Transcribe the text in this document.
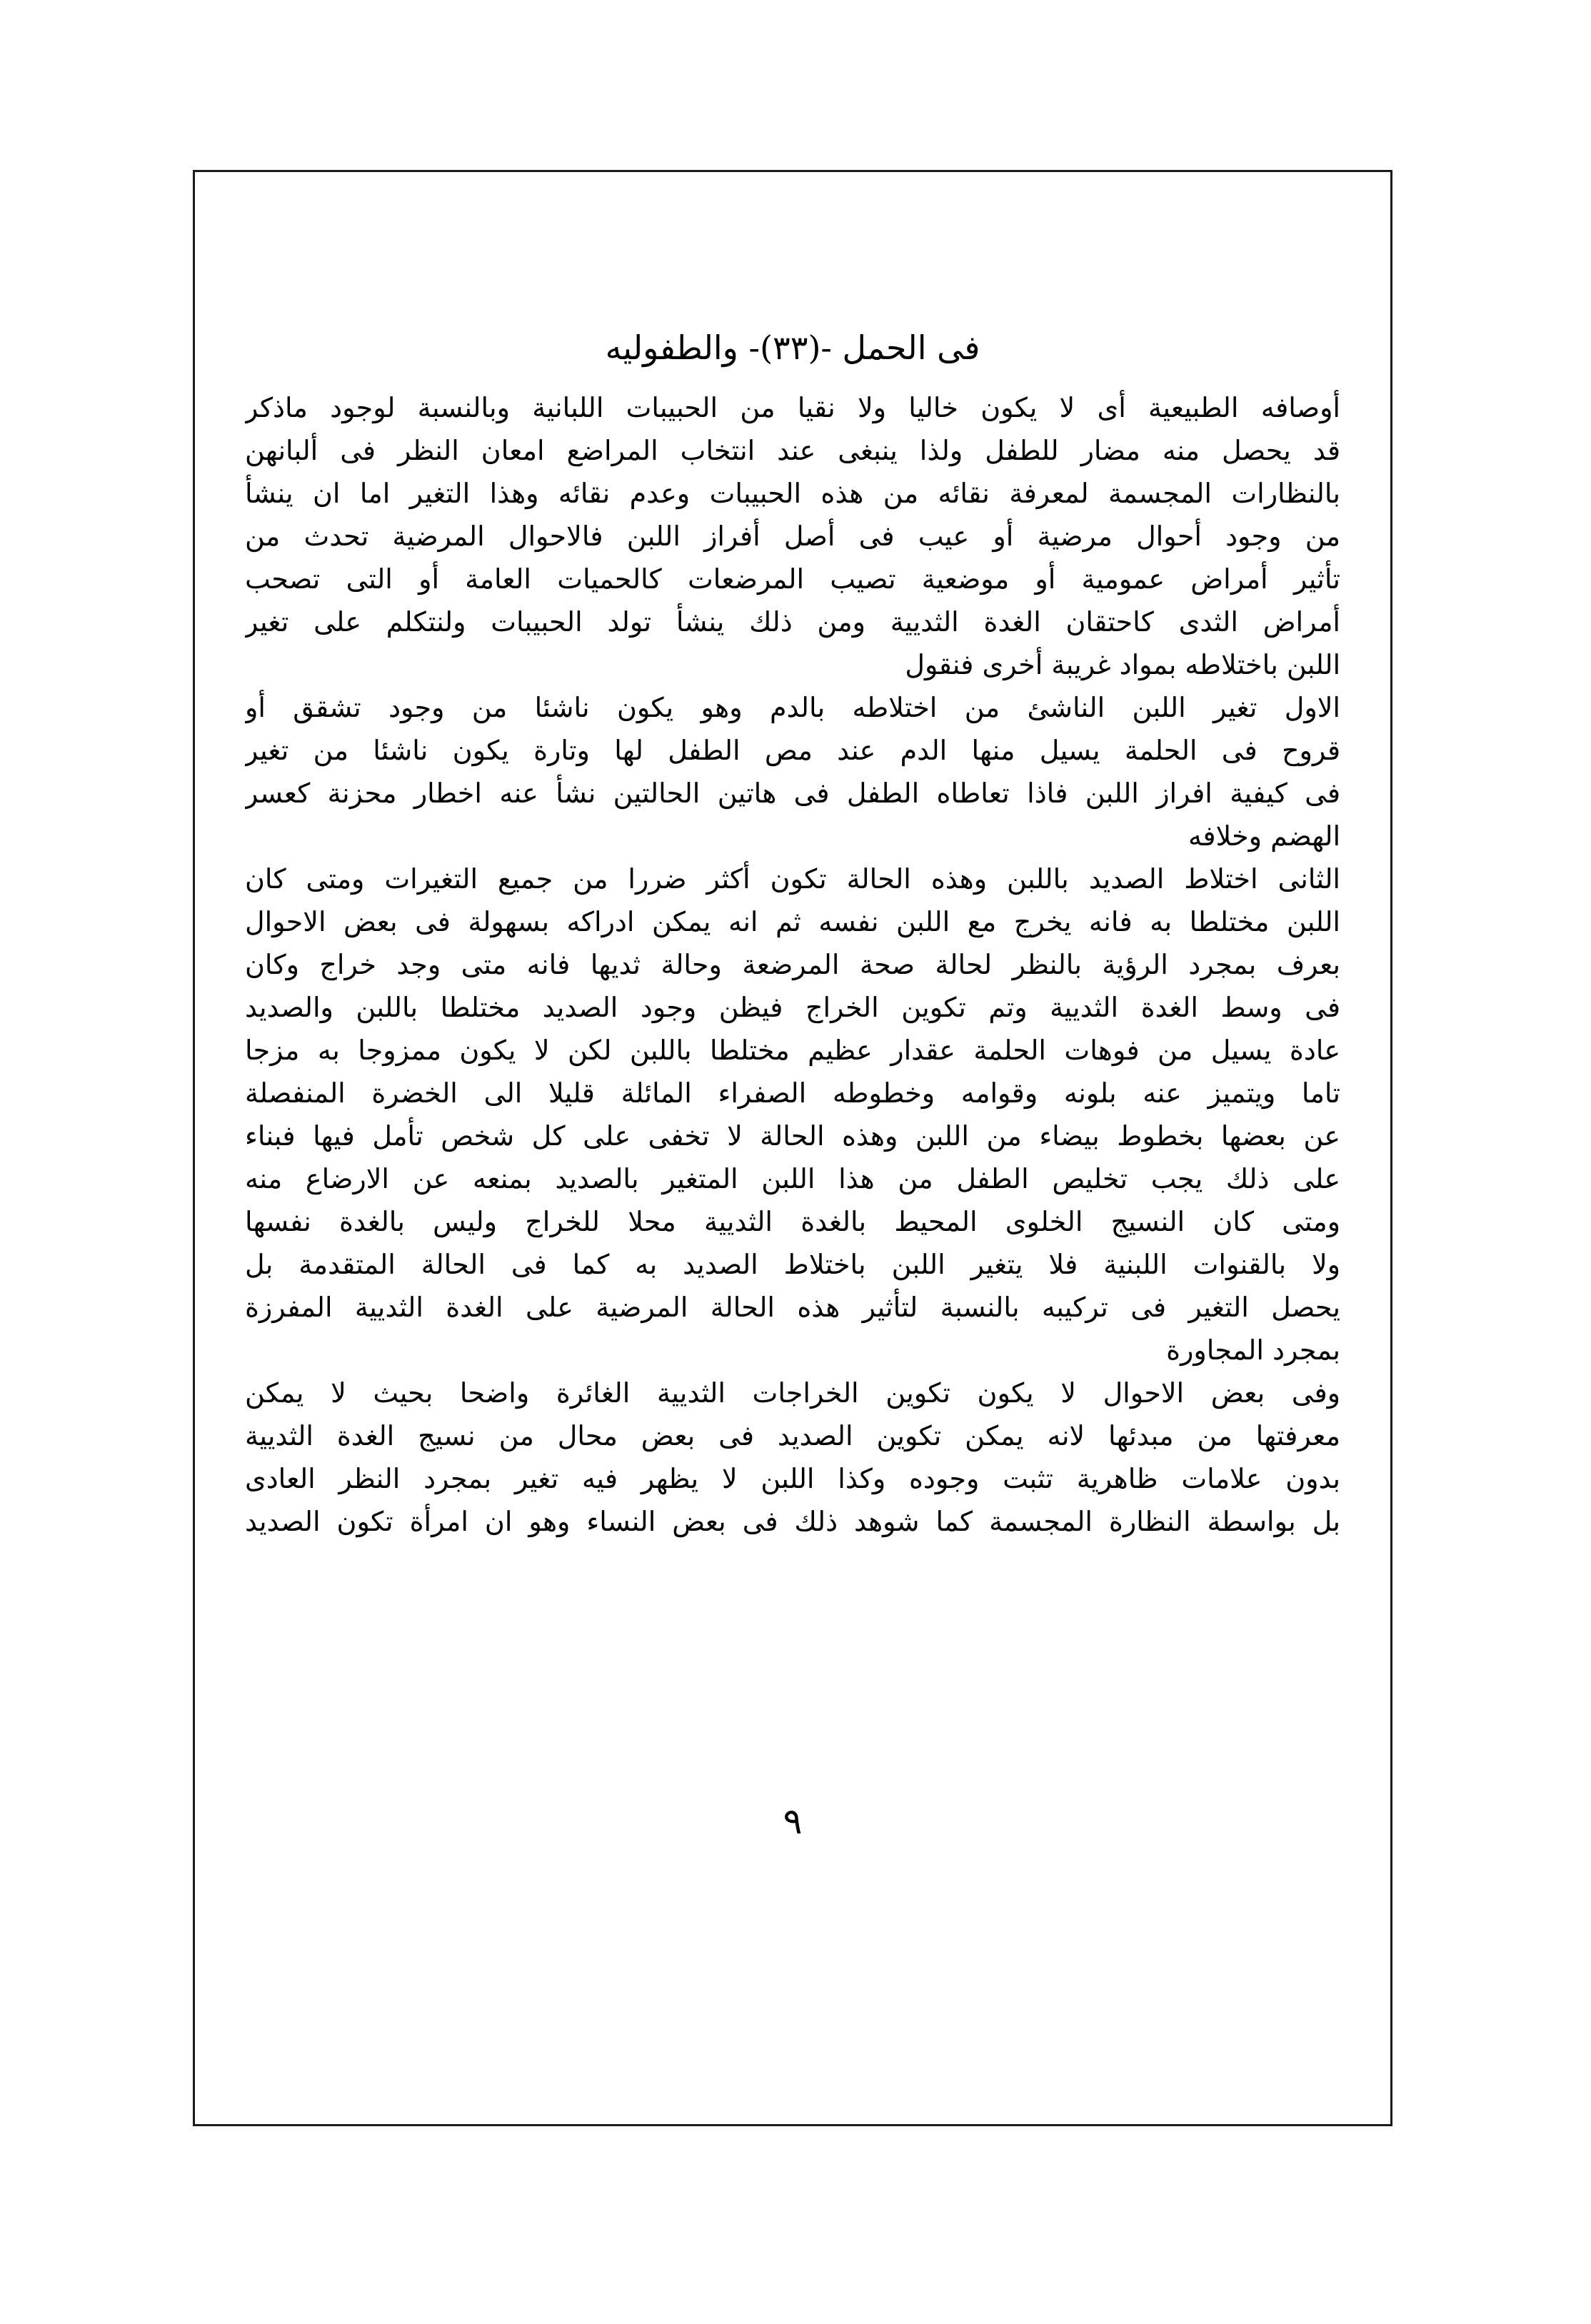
فى الحمل -(٣٣)- والطفوليه
أوصافه الطبيعية أى لا يكون خاليا ولا نقيا من الحبيبات اللبانية وبالنسبة لوجود ماذكر
قد يحصل منه مضار للطفل ولذا ينبغى عند انتخاب المراضع امعان النظر فى ألبانهن
بالنظارات المجسمة لمعرفة نقائه من هذه الحبيبات وعدم نقائه وهذا التغير اما ان ينشأ
من وجود أحوال مرضية أو عيب فى أصل أفراز اللبن فالاحوال المرضية تحدث من
تأثير أمراض عمومية أو موضعية تصيب المرضعات كالحميات العامة أو التى تصحب
أمراض الثدى كاحتقان الغدة الثديية ومن ذلك ينشأ تولد الحبيبات ولنتكلم على تغير
اللبن باختلاطه بمواد غريبة أخرى فنقول
الاول تغير اللبن الناشئ من اختلاطه بالدم وهو يكون ناشئا من وجود تشقق أو
قروح فى الحلمة يسيل منها الدم عند مص الطفل لها وتارة يكون ناشئا من تغير
فى كيفية افراز اللبن فاذا تعاطاه الطفل فى هاتين الحالتين نشأ عنه اخطار محزنة كعسر
الهضم وخلافه
الثانى اختلاط الصديد باللبن وهذه الحالة تكون أكثر ضررا من جميع التغيرات ومتى كان
اللبن مختلطا به فانه يخرج مع اللبن نفسه ثم انه يمكن ادراكه بسهولة فى بعض الاحوال
بعرف بمجرد الرؤية بالنظر لحالة صحة المرضعة وحالة ثديها فانه متى وجد خراج وكان
فى وسط الغدة الثديية وتم تكوين الخراج فيظن وجود الصديد مختلطا باللبن والصديد
عادة يسيل من فوهات الحلمة عقدار عظيم مختلطا باللبن لكن لا يكون ممزوجا به مزجا
تاما ويتميز عنه بلونه وقوامه وخطوطه الصفراء المائلة قليلا الى الخضرة المنفصلة
عن بعضها بخطوط بيضاء من اللبن وهذه الحالة لا تخفى على كل شخص تأمل فيها فبناء
على ذلك يجب تخليص الطفل من هذا اللبن المتغير بالصديد بمنعه عن الارضاع منه
ومتى كان النسيج الخلوى المحيط بالغدة الثديية محلا للخراج وليس بالغدة نفسها
ولا بالقنوات اللبنية فلا يتغير اللبن باختلاط الصديد به كما فى الحالة المتقدمة بل
يحصل التغير فى تركيبه بالنسبة لتأثير هذه الحالة المرضية على الغدة الثديية المفرزة
بمجرد المجاورة
وفى بعض الاحوال لا يكون تكوين الخراجات الثديية الغائرة واضحا بحيث لا يمكن
معرفتها من مبدئها لانه يمكن تكوين الصديد فى بعض محال من نسيج الغدة الثديية
بدون علامات ظاهرية تثبت وجوده وكذا اللبن لا يظهر فيه تغير بمجرد النظر العادى
بل بواسطة النظارة المجسمة كما شوهد ذلك فى بعض النساء وهو ان امرأة تكون الصديد
٩
